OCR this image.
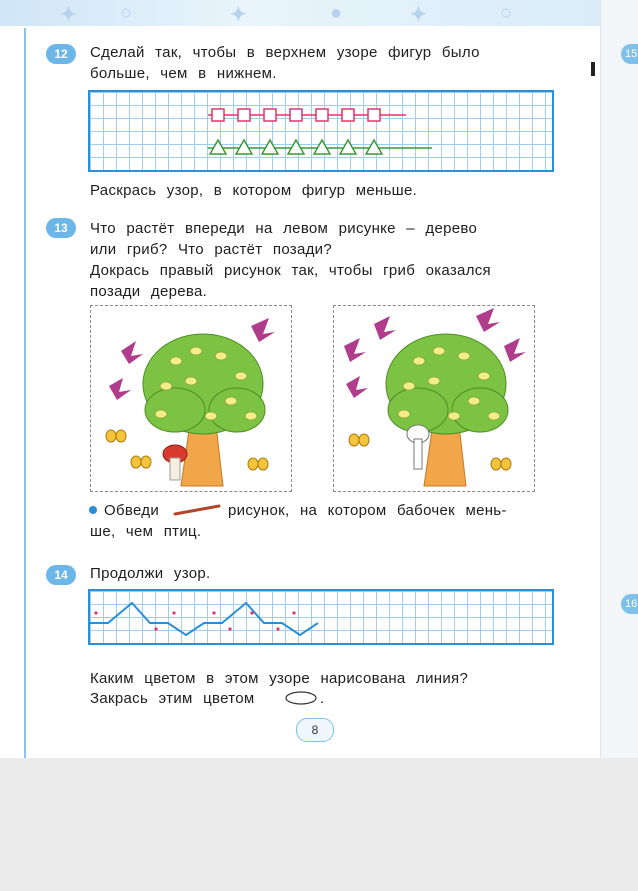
✦ ○	✦	●	✦	○
15
16
12	Сделай так, чтобы в верхнем узоре фигур было
больше, чем в нижнем.
Раскрась узор, в котором фигур меньше.
13	Что растёт впереди на левом рисунке – дерево
или гриб? Что растёт позади?
Докрась правый рисунок так, чтобы гриб оказался
позади дерева.
Обведи	рисунок, на котором бабочек мень-
ше, чем птиц.
14	Продолжи узор.
Каким цветом в этом узоре нарисована линия?
Закрась этим цветом	.
8
